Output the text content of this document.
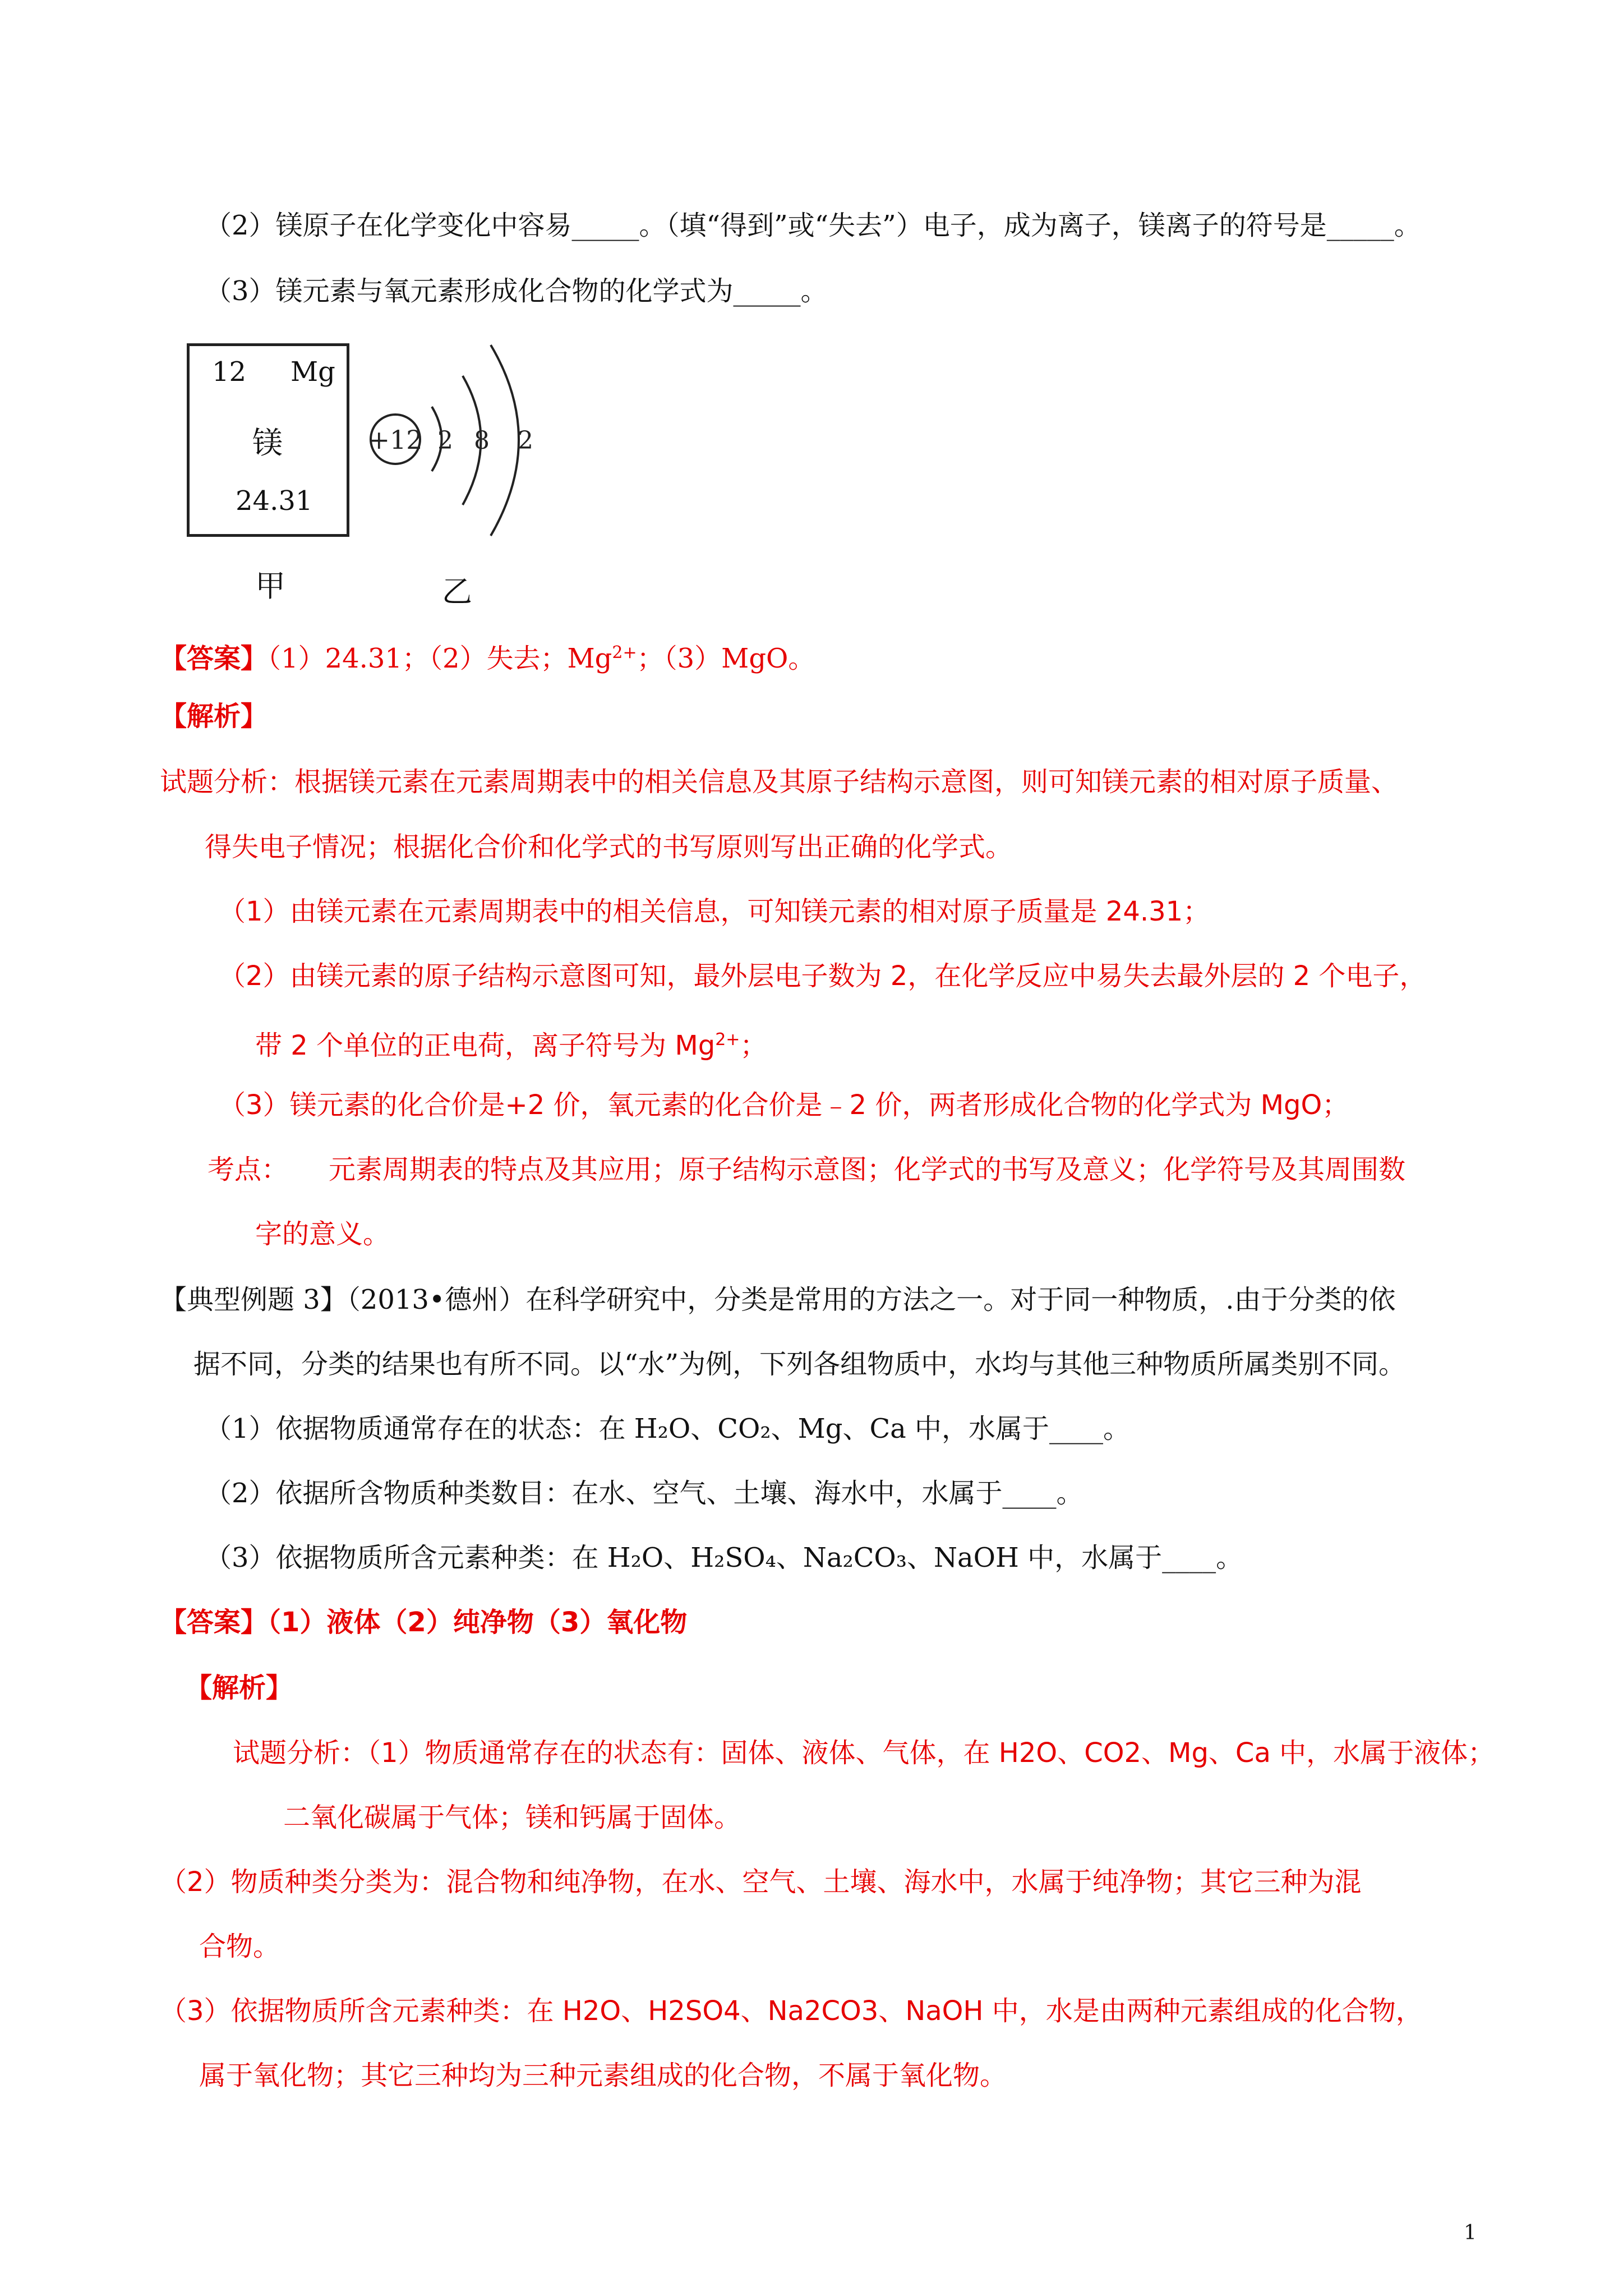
（2）镁原子在化学变化中容易_____。（填“得到”或“失去”）电子，成为离子，镁离子的符号是_____。
（3）镁元素与氧元素形成化合物的化学式为_____。
12 Mg
镁
24.31
+12 2 8 2
甲	乙
【答案】（1）24.31；（2）失去；$Mg^{2+}$；（3）MgO。
【解析】
试题分析：根据镁元素在元素周期表中的相关信息及其原子结构示意图，则可知镁元素的相对原子质量、
得失电子情况；根据化合价和化学式的书写原则写出正确的化学式。
（1）由镁元素在元素周期表中的相关信息，可知镁元素的相对原子质量是 24.31；
（2）由镁元素的原子结构示意图可知，最外层电子数为 2，在化学反应中易失去最外层的 2 个电子，
带 2 个单位的正电荷，离子符号为 $Mg^{2+}$；
（3）镁元素的化合价是+2 价，氧元素的化合价是﹣2 价，两者形成化合物的化学式为 MgO；
考点：　　元素周期表的特点及其应用；原子结构示意图；化学式的书写及意义；化学符号及其周围数
字的意义。
【典型例题 3】（2013•德州）在科学研究中，分类是常用的方法之一。对于同一种物质，.由于分类的依
据不同，分类的结果也有所不同。以“水”为例，下列各组物质中，水均与其他三种物质所属类别不同。
（1）依据物质通常存在的状态：在 H₂O、CO₂、Mg、Ca 中，水属于____。
（2）依据所含物质种类数目：在水、空气、土壤、海水中，水属于____。
（3）依据物质所含元素种类：在 H₂O、H₂SO₄、Na₂CO₃、NaOH 中，水属于____。
【答案】（1）液体（2）纯净物（3）氧化物
【解析】
试题分析：（1）物质通常存在的状态有：固体、液体、气体，在 H2O、CO2、Mg、Ca 中，水属于液体；
二氧化碳属于气体；镁和钙属于固体。
（2）物质种类分类为：混合物和纯净物，在水、空气、土壤、海水中，水属于纯净物；其它三种为混
合物。
（3）依据物质所含元素种类：在 H2O、H2SO4、Na2CO3、NaOH 中，水是由两种元素组成的化合物，
属于氧化物；其它三种均为三种元素组成的化合物，不属于氧化物。
1
